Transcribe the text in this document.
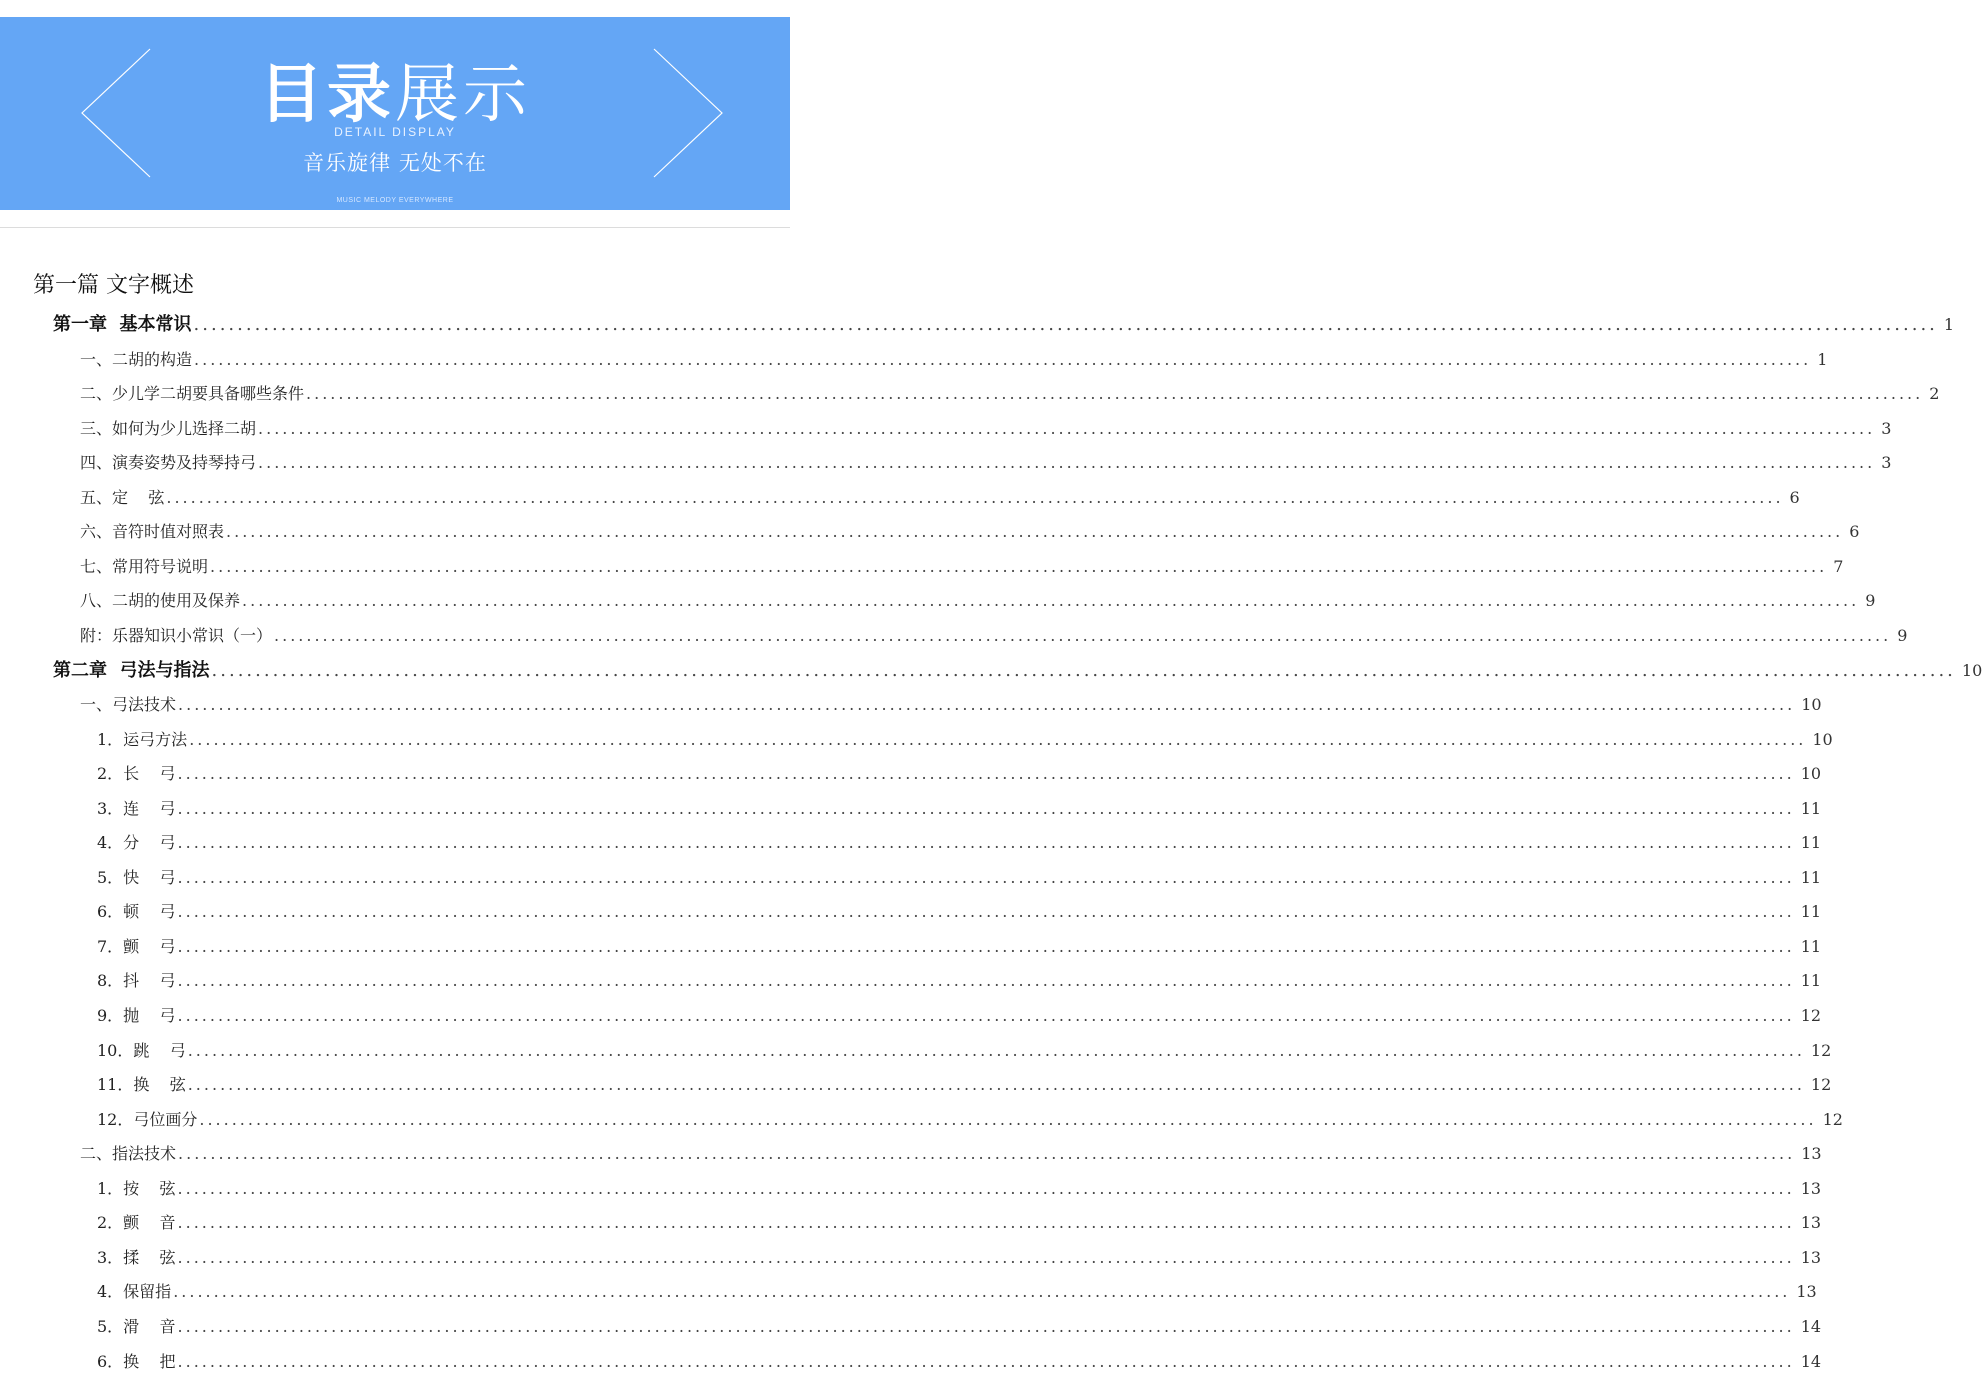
目录展示
DETAIL DISPLAY
音乐旋律 无处不在
MUSIC MELODY EVERYWHERE
第一篇 文字概述
第一章  基本常识 ........................................................................................................................................................................................................ 1
一、二胡的构造 ........................................................................................................................................................................................................ 1
二、少儿学二胡要具备哪些条件 ........................................................................................................................................................................................................ 2
三、如何为少儿选择二胡 ........................................................................................................................................................................................................ 3
四、演奏姿势及持琴持弓 ........................................................................................................................................................................................................ 3
五、定    弦 ........................................................................................................................................................................................................ 6
六、音符时值对照表 ........................................................................................................................................................................................................ 6
七、常用符号说明 ........................................................................................................................................................................................................ 7
八、二胡的使用及保养 ........................................................................................................................................................................................................ 9
附：乐器知识小常识（一） ........................................................................................................................................................................................................ 9
第二章  弓法与指法 ........................................................................................................................................................................................................ 10
一、弓法技术 ........................................................................................................................................................................................................ 10
1．运弓方法 ........................................................................................................................................................................................................ 10
2．长    弓 ........................................................................................................................................................................................................ 10
3．连    弓 ........................................................................................................................................................................................................ 11
4．分    弓 ........................................................................................................................................................................................................ 11
5．快    弓 ........................................................................................................................................................................................................ 11
6．顿    弓 ........................................................................................................................................................................................................ 11
7．颤    弓 ........................................................................................................................................................................................................ 11
8．抖    弓 ........................................................................................................................................................................................................ 11
9．抛    弓 ........................................................................................................................................................................................................ 12
10．跳    弓 ........................................................................................................................................................................................................ 12
11．换    弦 ........................................................................................................................................................................................................ 12
12．弓位画分 ........................................................................................................................................................................................................ 12
二、指法技术 ........................................................................................................................................................................................................ 13
1．按    弦 ........................................................................................................................................................................................................ 13
2．颤    音 ........................................................................................................................................................................................................ 13
3．揉    弦 ........................................................................................................................................................................................................ 13
4．保留指 ........................................................................................................................................................................................................ 13
5．滑    音 ........................................................................................................................................................................................................ 14
6．换    把 ........................................................................................................................................................................................................ 14
